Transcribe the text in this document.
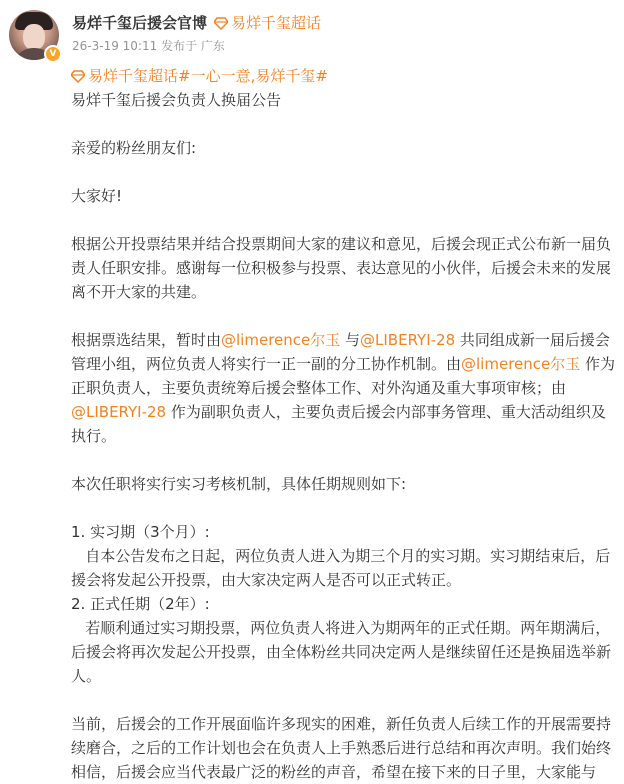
V
易烊千玺后援会官博 易烊千玺超话
26-3-19 10:11 发布于 广东
易烊千玺超话#一心一意,易烊千玺#
易烊千玺后援会负责人换届公告
亲爱的粉丝朋友们:
大家好!
根据公开投票结果并结合投票期间大家的建议和意见，后援会现正式公布新一届负
责人任职安排。感谢每一位积极参与投票、表达意见的小伙伴，后援会未来的发展
离不开大家的共建。
根据票选结果，暂时由@limerence尔玉 与@LIBERYI-28 共同组成新一届后援会
管理小组，两位负责人将实行一正一副的分工协作机制。由@limerence尔玉 作为
正职负责人，主要负责统筹后援会整体工作、对外沟通及重大事项审核；由
@LIBERYI-28 作为副职负责人，主要负责后援会内部事务管理、重大活动组织及
执行。
本次任职将实行实习考核机制，具体任期规则如下:
1. 实习期（3个月）:
自本公告发布之日起，两位负责人进入为期三个月的实习期。实习期结束后，后
援会将发起公开投票，由大家决定两人是否可以正式转正。
2. 正式任期（2年）:
若顺利通过实习期投票，两位负责人将进入为期两年的正式任期。两年期满后，
后援会将再次发起公开投票，由全体粉丝共同决定两人是继续留任还是换届选举新
人。
当前，后援会的工作开展面临许多现实的困难，新任负责人后续工作的开展需要持
续磨合，之后的工作计划也会在负责人上手熟悉后进行总结和再次声明。我们始终
相信，后援会应当代表最广泛的粉丝的声音，希望在接下来的日子里，大家能与
